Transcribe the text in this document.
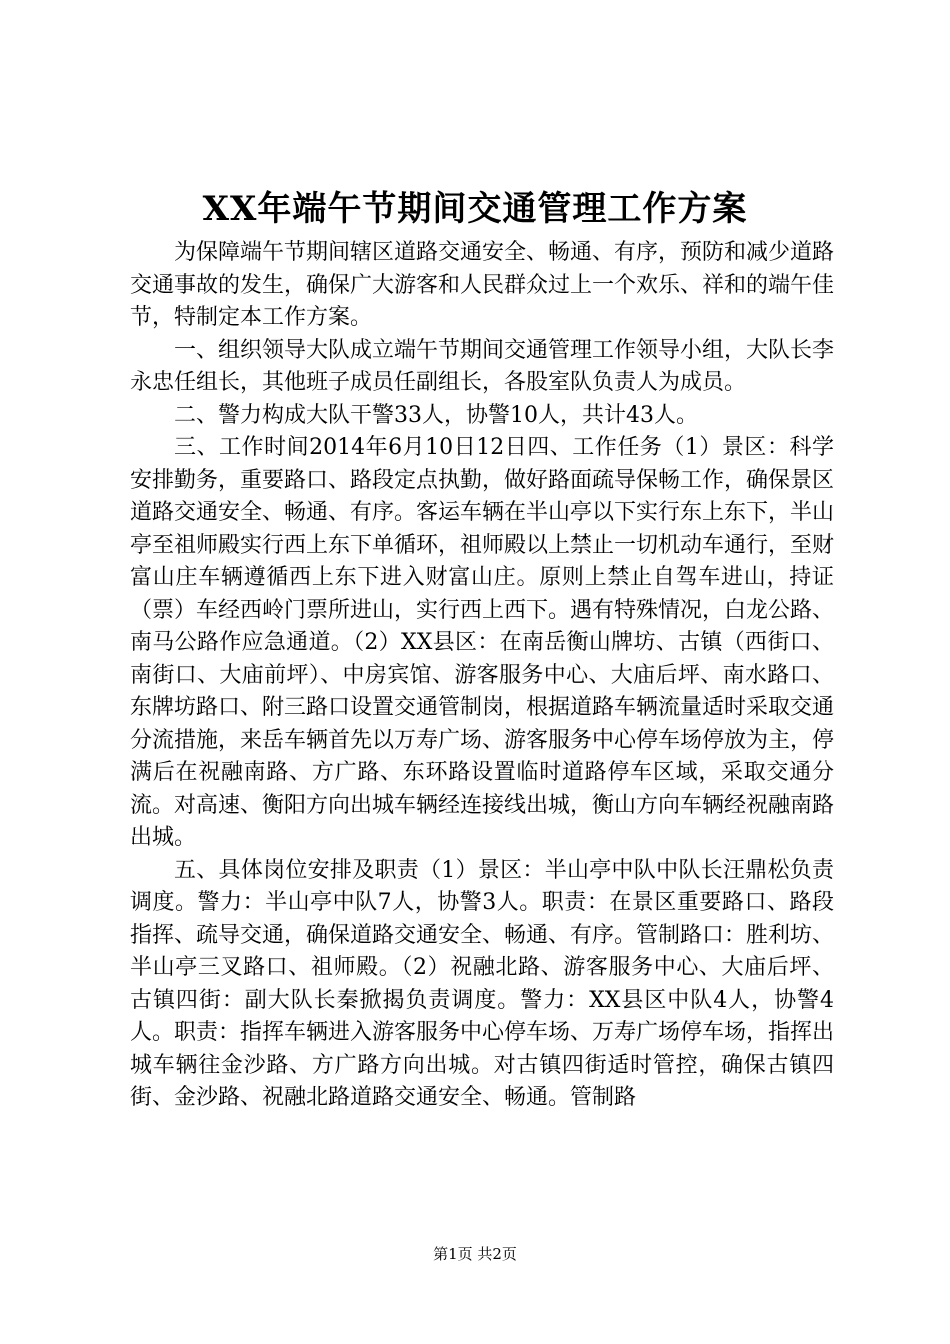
XX年端午节期间交通管理工作方案

为保障端午节期间辖区道路交通安全、畅通、有序，预防和减少道路交通事故的发生，确保广大游客和人民群众过上一个欢乐、祥和的端午佳节，特制定本工作方案。

一、组织领导大队成立端午节期间交通管理工作领导小组，大队长李永忠任组长，其他班子成员任副组长，各股室队负责人为成员。

二、警力构成大队干警33人，协警10人，共计43人。

三、工作时间2014年6月10日12日四、工作任务（1）景区：科学安排勤务，重要路口、路段定点执勤，做好路面疏导保畅工作，确保景区道路交通安全、畅通、有序。客运车辆在半山亭以下实行东上东下，半山亭至祖师殿实行西上东下单循环，祖师殿以上禁止一切机动车通行，至财富山庄车辆遵循西上东下进入财富山庄。原则上禁止自驾车进山，持证（票）车经西岭门票所进山，实行西上西下。遇有特殊情况，白龙公路、南马公路作应急通道。（2）XX县区：在南岳衡山牌坊、古镇（西街口、南街口、大庙前坪）、中房宾馆、游客服务中心、大庙后坪、南水路口、东牌坊路口、附三路口设置交通管制岗，根据道路车辆流量适时采取交通分流措施，来岳车辆首先以万寿广场、游客服务中心停车场停放为主，停满后在祝融南路、方广路、东环路设置临时道路停车区域，采取交通分流。对高速、衡阳方向出城车辆经连接线出城，衡山方向车辆经祝融南路出城。

五、具体岗位安排及职责（1）景区：半山亭中队中队长汪鼎松负责调度。警力：半山亭中队7人，协警3人。职责：在景区重要路口、路段指挥、疏导交通，确保道路交通安全、畅通、有序。管制路口：胜利坊、半山亭三叉路口、祖师殿。（2）祝融北路、游客服务中心、大庙后坪、古镇四街：副大队长秦掀揭负责调度。警力：XX县区中队4人，协警4人。职责：指挥车辆进入游客服务中心停车场、万寿广场停车场，指挥出城车辆往金沙路、方广路方向出城。对古镇四街适时管控，确保古镇四街、金沙路、祝融北路道路交通安全、畅通。管制路

第1页 共2页
